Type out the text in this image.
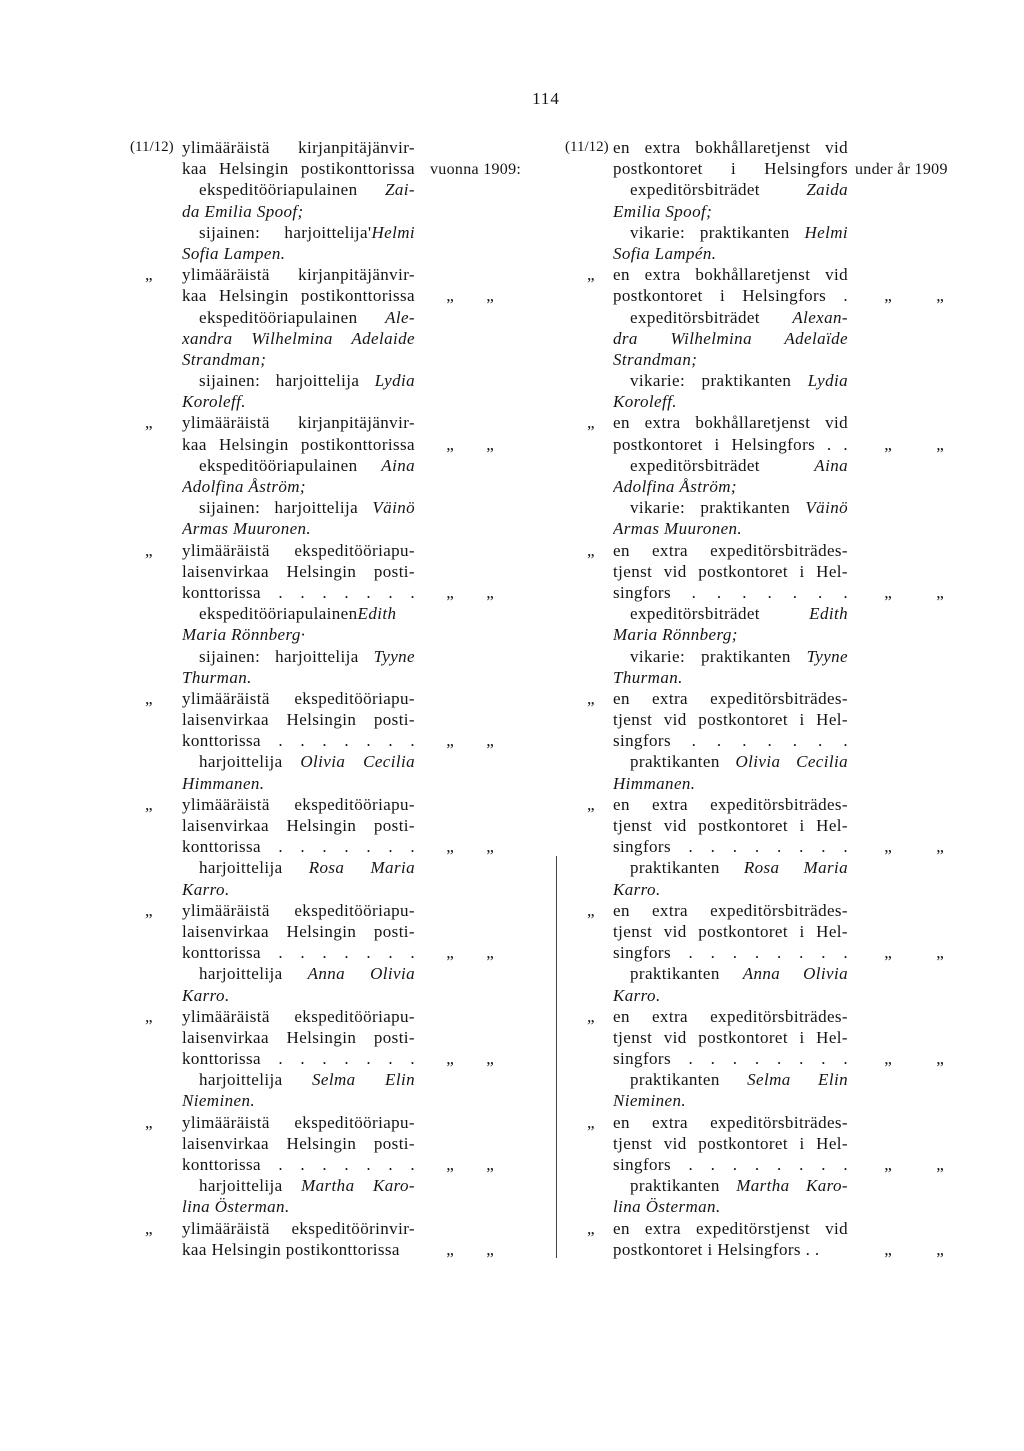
114
(11/12) ylimääräistä kirjanpitäjänvir-
kaa Helsingin postikonttorissa vuonna 1909:
ekspeditööriapulainen Zai-
da Emilia Spoof;
sijainen: harjoittelija'Helmi
Sofia Lampen.
„	ylimääräistä kirjanpitäjänvir-
kaa Helsingin postikonttorissa	„ „
ekspeditööriapulainen Ale-
xandra Wilhelmina Adelaide
Strandman;
sijainen: harjoittelija Lydia
Koroleff.
„	ylimääräistä kirjanpitäjänvir-
kaa Helsingin postikonttorissa	„ „
ekspeditööriapulainen Aina
Adolfina Åström;
sijainen: harjoittelija Väinö
Armas Muuronen.
„	ylimääräistä ekspeditööriapu-
laisenvirkaa Helsingin posti-
konttorissa . . . . . . .	„ „
ekspeditööriapulainenEdith
Maria Rönnberg·
sijainen: harjoittelija Tyyne
Thurman.
„	ylimääräistä ekspeditööriapu-
laisenvirkaa Helsingin posti-
konttorissa . . . . . . .	„ „
harjoittelija Olivia Cecilia
Himmanen.
„	ylimääräistä ekspeditööriapu-
laisenvirkaa Helsingin posti-
konttorissa . . . . . . .	„ „
harjoittelija Rosa Maria
Karro.
„	ylimääräistä ekspeditööriapu-
laisenvirkaa Helsingin posti-
konttorissa . . . . . . .	„ „
harjoittelija Anna Olivia
Karro.
„	ylimääräistä ekspeditööriapu-
laisenvirkaa Helsingin posti-
konttorissa . . . . . . .	„ „
harjoittelija Selma Elin
Nieminen.
„	ylimääräistä ekspeditööriapu-
laisenvirkaa Helsingin posti-
konttorissa . . . . . . .	„ „
harjoittelija Martha Karo-
lina Österman.
„	ylimääräistä ekspeditöörinvir-
kaa Helsingin postikonttorissa	„ „
(11/12) en extra bokhållaretjenst vid
postkontoret i Helsingfors under år 1909
expeditörsbiträdet Zaida
Emilia Spoof;
vikarie: praktikanten Helmi
Sofia Lampén.
„	en extra bokhållaretjenst vid
postkontoret i Helsingfors .	„	„
expeditörsbiträdet Alexan-
dra Wilhelmina Adelaïde
Strandman;
vikarie: praktikanten Lydia
Koroleff.
„	en extra bokhållaretjenst vid
postkontoret i Helsingfors . .	„	„
expeditörsbiträdet Aina
Adolfina Åström;
vikarie: praktikanten Väinö
Armas Muuronen.
„	en extra expeditörsbiträdes-
tjenst vid postkontoret i Hel-
singfors . . . . . . .	„	„
expeditörsbiträdet Edith
Maria Rönnberg;
vikarie: praktikanten Tyyne
Thurman.
„	en extra expeditörsbiträdes-
tjenst vid postkontoret i Hel-
singfors . . . . . . .
praktikanten Olivia Cecilia
Himmanen.
„	en extra expeditörsbiträdes-
tjenst vid postkontoret i Hel-
singfors . . . . . . . .	„	„
praktikanten Rosa Maria
Karro.
„	en extra expeditörsbiträdes-
tjenst vid postkontoret i Hel-
singfors . . . . . . . .	„	„
praktikanten Anna Olivia
Karro.
„	en extra expeditörsbiträdes-
tjenst vid postkontoret i Hel-
singfors . . . . . . . .	„	„
praktikanten Selma Elin
Nieminen.
„	en extra expeditörsbiträdes-
tjenst vid postkontoret i Hel-
singfors . . . . . . . .	„	„
praktikanten Martha Karo-
lina Österman.
„	en extra expeditörstjenst vid
postkontoret i Helsingfors . .	„	„
